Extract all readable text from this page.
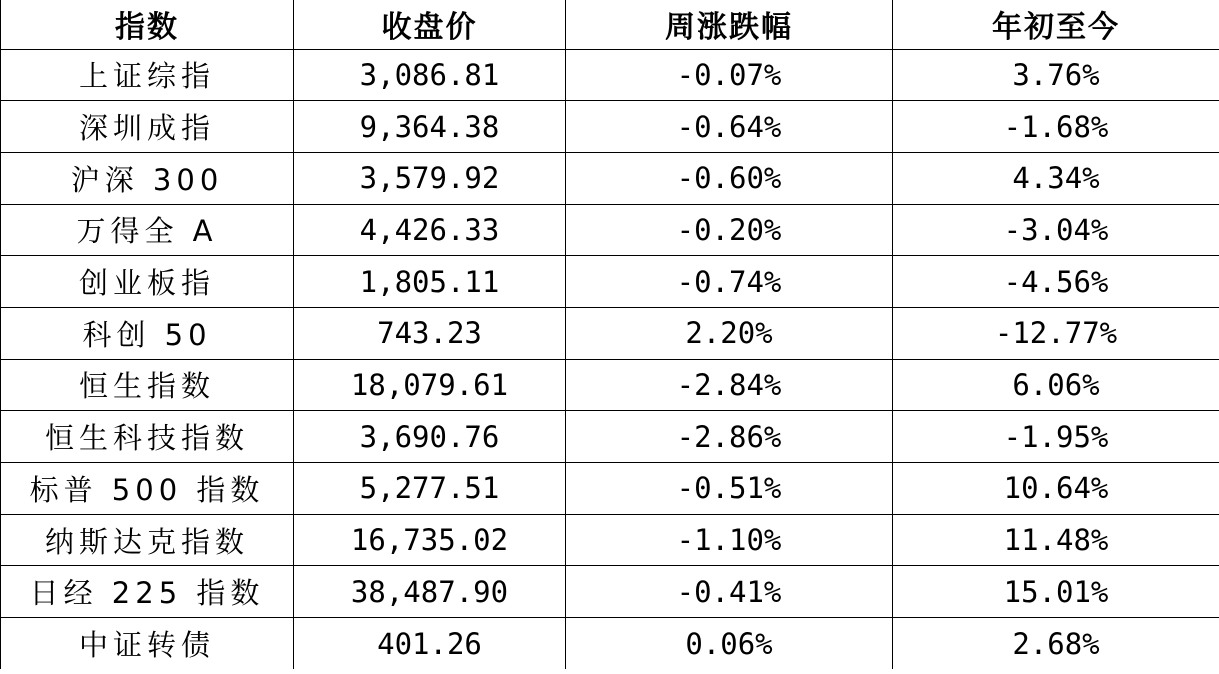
指数	收盘价	周涨跌幅	年初至今
上证综指	3,086.81	-0.07%	3.76%
深圳成指	9,364.38	-0.64%	-1.68%
沪深 300	3,579.92	-0.60%	4.34%
万得全 A	4,426.33	-0.20%	-3.04%
创业板指	1,805.11	-0.74%	-4.56%
科创 50	743.23	2.20%	-12.77%
恒生指数	18,079.61	-2.84%	6.06%
恒生科技指数	3,690.76	-2.86%	-1.95%
标普 500 指数	5,277.51	-0.51%	10.64%
纳斯达克指数	16,735.02	-1.10%	11.48%
日经 225 指数	38,487.90	-0.41%	15.01%
中证转债	401.26	0.06%	2.68%
